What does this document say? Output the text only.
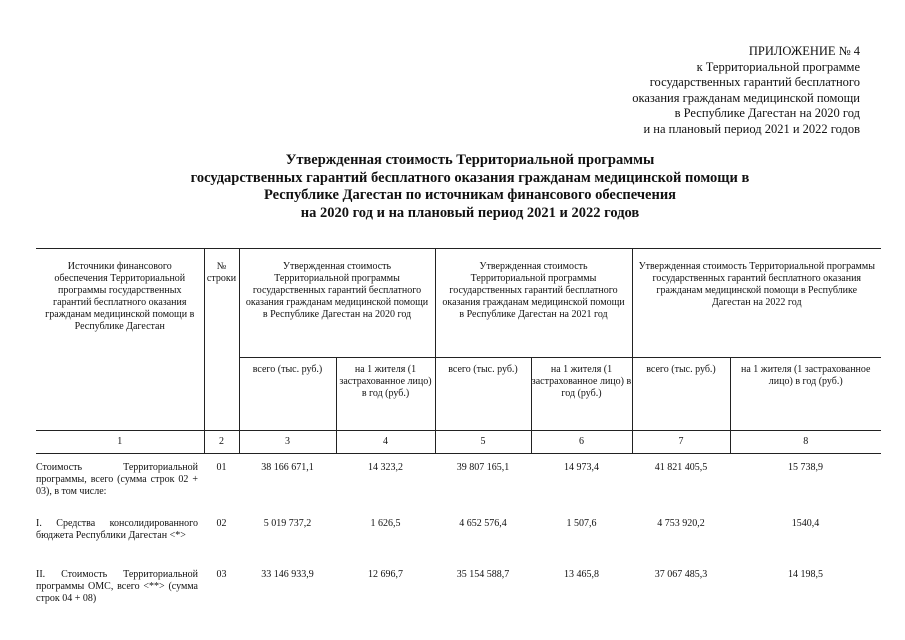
ПРИЛОЖЕНИЕ № 4
к Территориальной программе
государственных гарантий бесплатного
оказания гражданам медицинской помощи
в Республике Дагестан на 2020 год
и на плановый период 2021 и 2022 годов
Утвержденная стоимость Территориальной программы
государственных гарантий бесплатного оказания гражданам медицинской помощи в
Республике Дагестан по источникам финансового обеспечения
на 2020 год и на плановый период 2021 и 2022 годов
Источники финансового обеспечения Территориальной программы государственных гарантий бесплатного оказания гражданам медицинской помощи в Республике Дагестан	№ строки	Утвержденная стоимость Территориальной программы государственных гарантий бесплатного оказания гражданам медицинской помощи в Республике Дагестан на 2020 год		Утвержденная стоимость Территориальной программы государственных гарантий бесплатного оказания гражданам медицинской помощи в Республике Дагестан на 2021 год		Утвержденная стоимость Территориальной программы государственных гарантий бесплатного оказания гражданам медицинской помощи в Республике Дагестан на 2022 год	
		всего (тыс. руб.)	на 1 жителя (1 застрахованное лицо) в год (руб.)	всего (тыс. руб.)	на 1 жителя (1 застрахованное лицо) в год (руб.)	всего (тыс. руб.)	на 1 жителя (1 застрахованное лицо) в год (руб.)
1	2	3	4	5	6	7	8
Стоимость Территориальной программы, всего (сумма строк 02 + 03), в том числе:	01	38 166 671,1	14 323,2	39 807 165,1	14 973,4	41 821 405,5	15 738,9
I. Средства консолидированного бюджета Республики Дагестан <*>	02	5 019 737,2	1 626,5	4 652 576,4	1 507,6	4 753 920,2	1540,4
II. Стоимость Территориальной программы ОМС, всего <**> (сумма строк 04 + 08)	03	33 146 933,9	12 696,7	35 154 588,7	13 465,8	37 067 485,3	14 198,5
